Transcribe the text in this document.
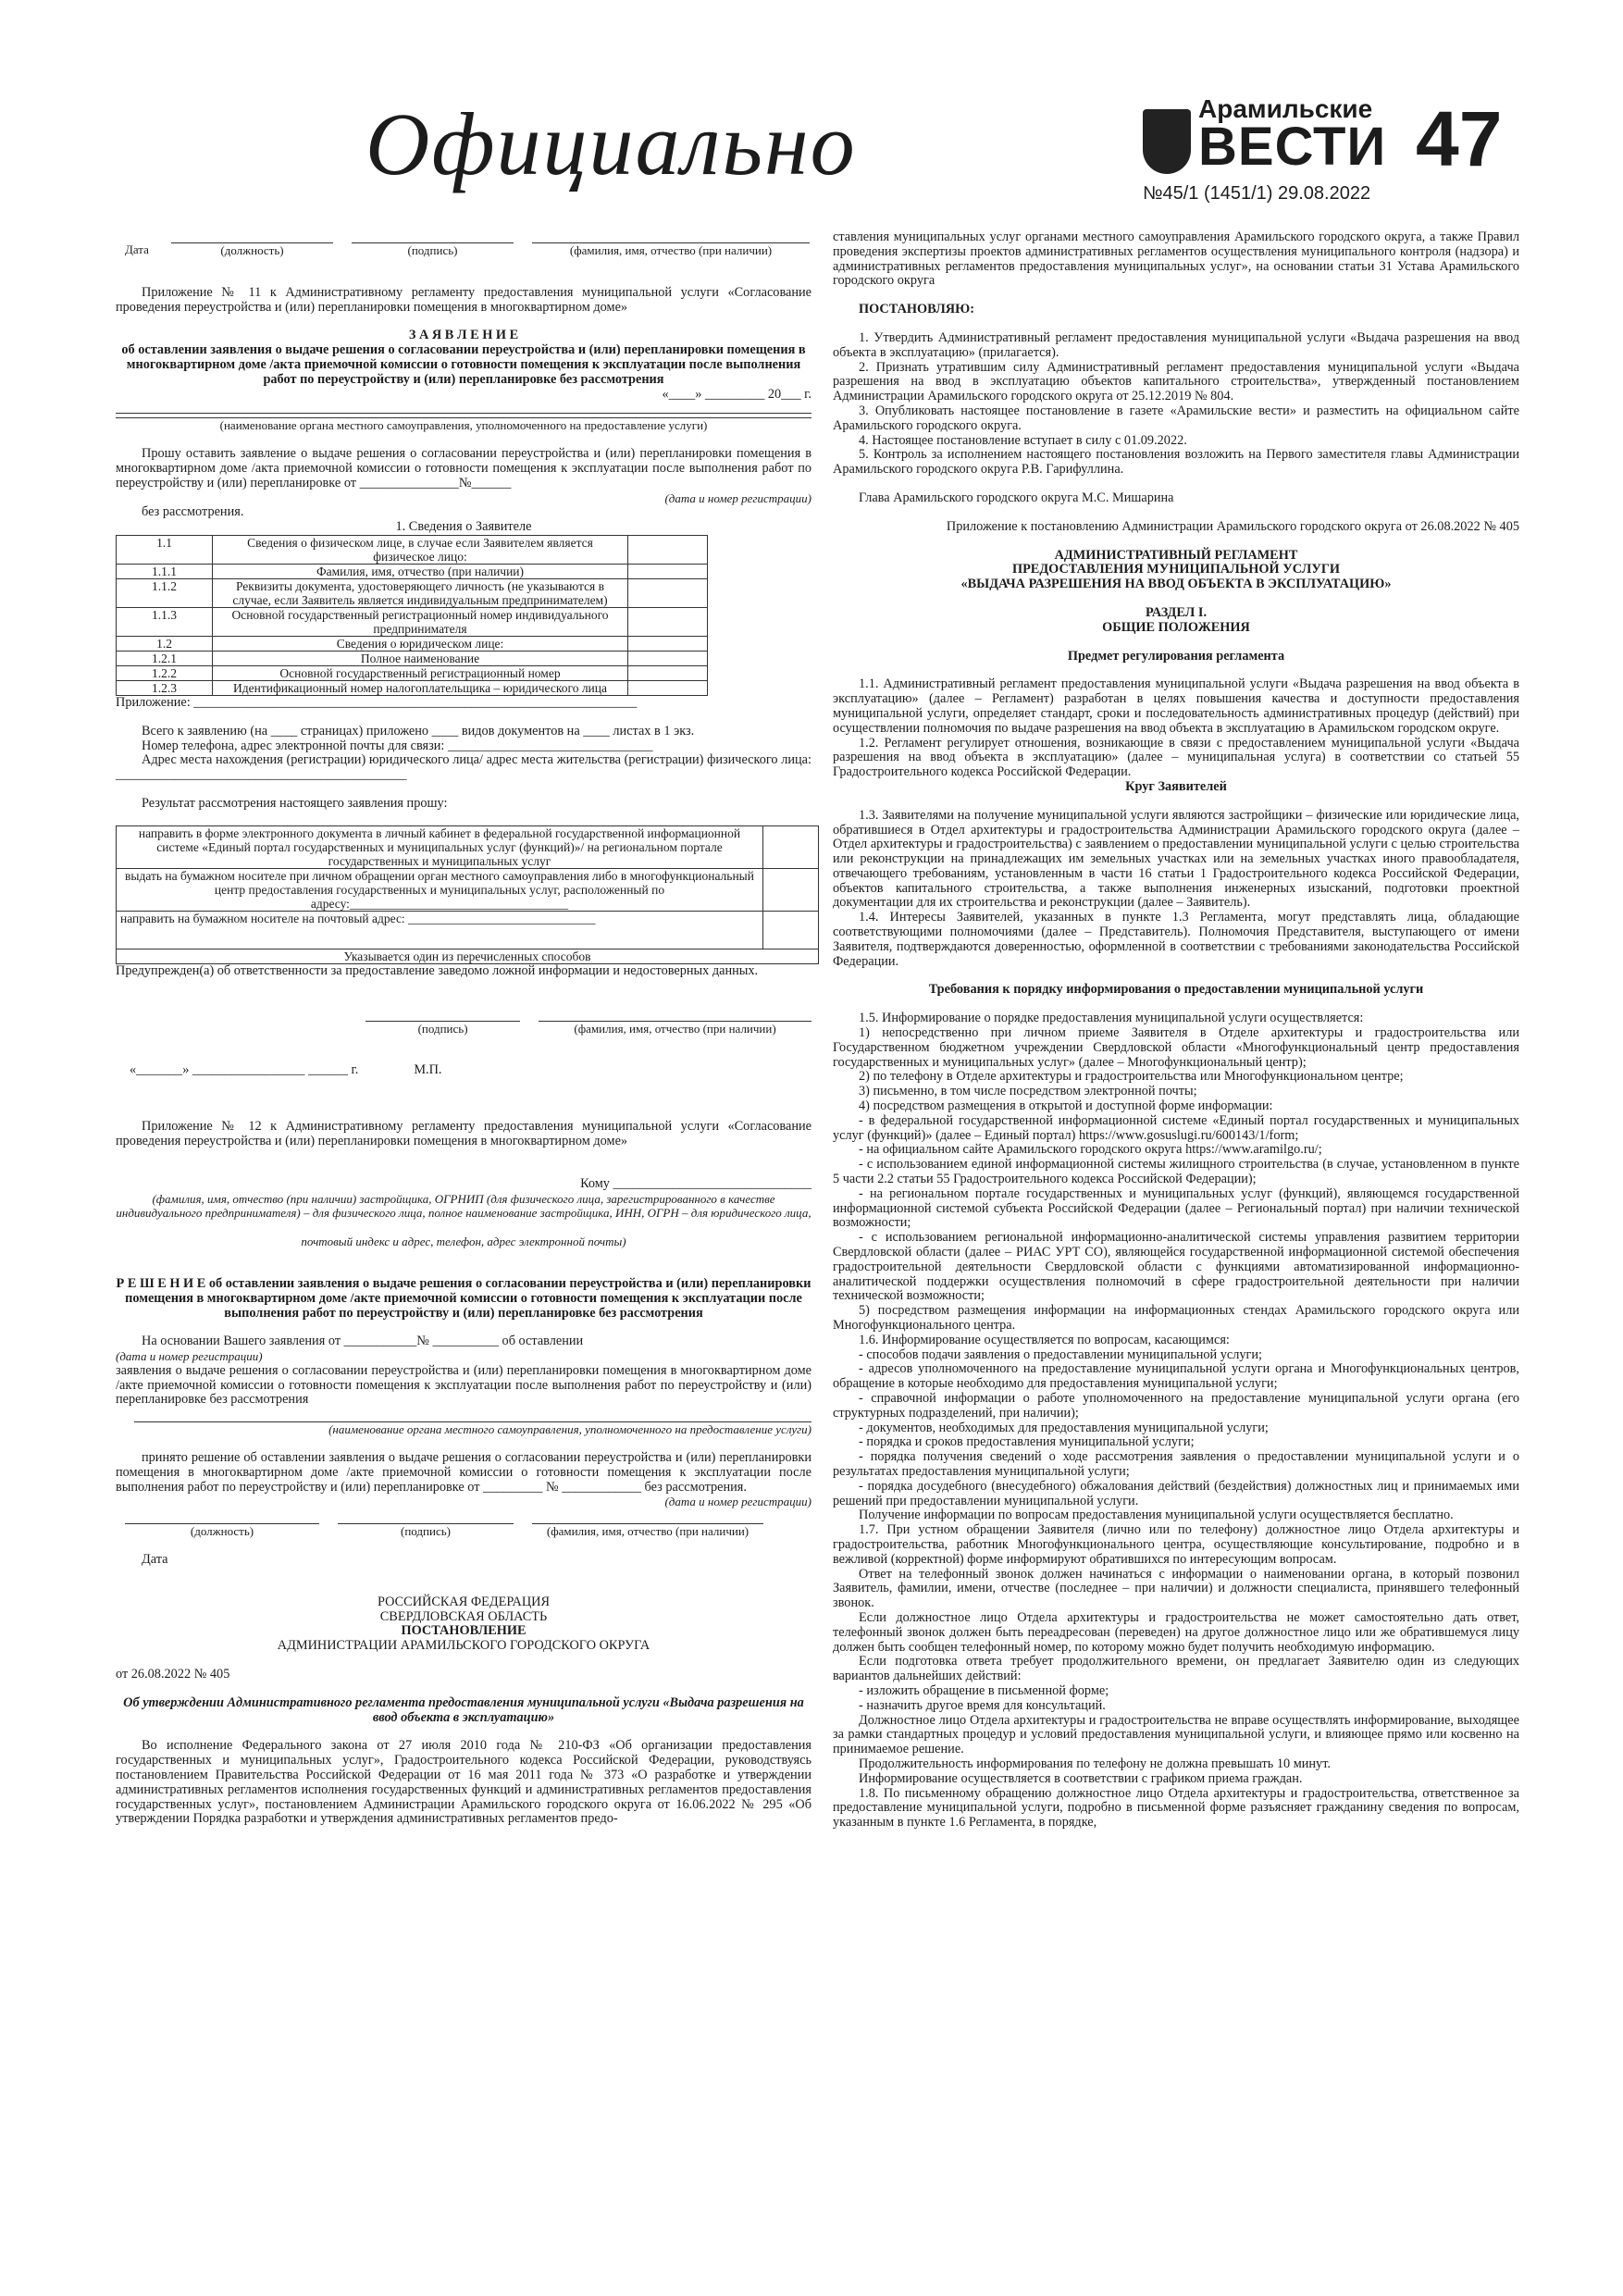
Официально	Арамильские
ВЕСТИ 47
№45/1 (1451/1) 29.08.2022
Дата	(должность)	(подпись)	(фамилия, имя, отчество (при наличии)

Приложение № 11 к Административному регламенту предоставления муниципальной услуги «Согласование проведения переустройства и (или) перепланировки помещения в многоквартирном доме»

З А Я В Л Е Н И Е

об оставлении заявления о выдаче решения о согласовании переустройства и (или) перепланировки помещения в многоквартирном доме /акта приемочной комиссии о готовности помещения к эксплуатации после выполнения работ по переустройству и (или) перепланировке без рассмотрения

«____» _________ 20___ г.

(наименование органа местного самоуправления, уполномоченного на предоставление услуги)

Прошу оставить заявление о выдаче решения о согласовании переустройства и (или) перепланировки помещения в многоквартирном доме /акта приемочной комиссии о готовности помещения к эксплуатации после выполнения работ по переустройству и (или) перепланировке от _______________№______

(дата и номер регистрации)

без рассмотрения.

1. Сведения о Заявителе

1.1	Сведения о физическом лице, в случае если Заявителем является физическое лицо:	
1.1.1	Фамилия, имя, отчество (при наличии)	
1.1.2	Реквизиты документа, удостоверяющего личность (не указываются в случае, если Заявитель является индивидуальным предпринимателем)	
1.1.3	Основной государственный регистрационный номер индивидуального предпринимателя	
1.2	Сведения о юридическом лице:	
1.2.1	Полное наименование	
1.2.2	Основной государственный регистрационный номер	
1.2.3	Идентификационный номер налогоплательщика – юридического лица	

Приложение: ___________________________________________________________________

Всего к заявлению (на ____ страницах) приложено ____ видов документов на ____ листах в 1 экз.

Номер телефона, адрес электронной почты для связи: _______________________________

Адрес места нахождения (регистрации) юридического лица/ адрес места жительства (регистрации) физического лица: ____________________________________________

Результат рассмотрения настоящего заявления прошу:

направить в форме электронного документа в личный кабинет в федеральной государственной информационной системе «Единый портал государственных и муниципальных услуг (функций)»/ на региональном портале государственных и муниципальных услуг	
выдать на бумажном носителе при личном обращении орган местного самоуправления либо в многофункциональный центр предоставления государственных и муниципальных услуг, расположенный по адресу:___________________________________	
направить на бумажном носителе на почтовый адрес: ______________________________	
Указывается один из перечисленных способов	

Предупрежден(а) об ответственности за предоставление заведомо ложной информации и недостоверных данных.

(подпись)	(фамилия, имя, отчество (при наличии)
«_______» _________________ ______ г.	М.П.

Приложение № 12 к Административному регламенту предоставления муниципальной услуги «Согласование проведения переустройства и (или) перепланировки помещения в многоквартирном доме»

Кому ______________________________

(фамилия, имя, отчество (при наличии) застройщика, ОГРНИП (для физического лица, зарегистрированного в качестве индивидуального предпринимателя) – для физического лица, полное наименование застройщика, ИНН, ОГРН – для юридического лица,

почтовый индекс и адрес, телефон, адрес электронной почты)

Р Е Ш Е Н И Е об оставлении заявления о выдаче решения о согласовании переустройства и (или) перепланировки помещения в многоквартирном доме /акте приемочной комиссии о готовности помещения к эксплуатации после выполнения работ по переустройству и (или) перепланировке без рассмотрения

На основании Вашего заявления от ___________№ __________ об оставлении

(дата и номер регистрации)

заявления о выдаче решения о согласовании переустройства и (или) перепланировки помещения в многоквартирном доме /акте приемочной комиссии о готовности помещения к эксплуатации после выполнения работ по переустройству и (или) перепланировке без рассмотрения

(наименование органа местного самоуправления, уполномоченного на предоставление услуги)

принято решение об оставлении заявления о выдаче решения о согласовании переустройства и (или) перепланировки помещения в многоквартирном доме /акте приемочной комиссии о готовности помещения к эксплуатации после выполнения работ по переустройству и (или) перепланировке от _________ № ____________ без рассмотрения.

(дата и номер регистрации)

(должность)	(подпись)	(фамилия, имя, отчество (при наличии)

Дата

РОССИЙСКАЯ ФЕДЕРАЦИЯ

СВЕРДЛОВСКАЯ ОБЛАСТЬ

ПОСТАНОВЛЕНИЕ

АДМИНИСТРАЦИИ АРАМИЛЬСКОГО ГОРОДСКОГО ОКРУГА

от 26.08.2022 № 405

Об утверждении Административного регламента предоставления муниципальной услуги «Выдача разрешения на ввод объекта в эксплуатацию»

Во исполнение Федерального закона от 27 июля 2010 года № 210-ФЗ «Об организации предоставления государственных и муниципальных услуг», Градостроительного кодекса Российской Федерации, руководствуясь постановлением Правительства Российской Федерации от 16 мая 2011 года № 373 «О разработке и утверждении административных регламентов исполнения государственных функций и административных регламентов предоставления государственных услуг», постановлением Администрации Арамильского городского округа от 16.06.2022 № 295 «Об утверждении Порядка разработки и утверждения административных регламентов предо-

ставления муниципальных услуг органами местного самоуправления Арамильского городского округа, а также Правил проведения экспертизы проектов административных регламентов осуществления муниципального контроля (надзора) и административных регламентов предоставления муниципальных услуг», на основании статьи 31 Устава Арамильского городского округа

ПОСТАНОВЛЯЮ:

1. Утвердить Административный регламент предоставления муниципальной услуги «Выдача разрешения на ввод объекта в эксплуатацию» (прилагается).

2. Признать утратившим силу Административный регламент предоставления муниципальной услуги «Выдача разрешения на ввод в эксплуатацию объектов капитального строительства», утвержденный постановлением Администрации Арамильского городского округа от 25.12.2019 № 804.

3. Опубликовать настоящее постановление в газете «Арамильские вести» и разместить на официальном сайте Арамильского городского округа.

4. Настоящее постановление вступает в силу с 01.09.2022.

5. Контроль за исполнением настоящего постановления возложить на Первого заместителя главы Администрации Арамильского городского округа Р.В. Гарифуллина.

Глава Арамильского городского округа М.С. Мишарина

Приложение к постановлению Администрации Арамильского городского округа от 26.08.2022 № 405

АДМИНИСТРАТИВНЫЙ РЕГЛАМЕНТ

ПРЕДОСТАВЛЕНИЯ МУНИЦИПАЛЬНОЙ УСЛУГИ

«ВЫДАЧА РАЗРЕШЕНИЯ НА ВВОД ОБЪЕКТА В ЭКСПЛУАТАЦИЮ»

РАЗДЕЛ I.

ОБЩИЕ ПОЛОЖЕНИЯ

Предмет регулирования регламента

1.1. Административный регламент предоставления муниципальной услуги «Выдача разрешения на ввод объекта в эксплуатацию» (далее – Регламент) разработан в целях повышения качества и доступности предоставления муниципальной услуги, определяет стандарт, сроки и последовательность административных процедур (действий) при осуществлении полномочия по выдаче разрешения на ввод объекта в эксплуатацию в Арамильском городском округе.

1.2. Регламент регулирует отношения, возникающие в связи с предоставлением муниципальной услуги «Выдача разрешения на ввод объекта в эксплуатацию» (далее – муниципальная услуга) в соответствии со статьей 55 Градостроительного кодекса Российской Федерации.

Круг Заявителей

1.3. Заявителями на получение муниципальной услуги являются застройщики – физические или юридические лица, обратившиеся в Отдел архитектуры и градостроительства Администрации Арамильского городского округа (далее – Отдел архитектуры и градостроительства) с заявлением о предоставлении муниципальной услуги с целью строительства или реконструкции на принадлежащих им земельных участках или на земельных участках иного правообладателя, отвечающего требованиям, установленным в части 16 статьи 1 Градостроительного кодекса Российской Федерации, объектов капитального строительства, а также выполнения инженерных изысканий, подготовки проектной документации для их строительства и реконструкции (далее – Заявитель).

1.4. Интересы Заявителей, указанных в пункте 1.3 Регламента, могут представлять лица, обладающие соответствующими полномочиями (далее – Представитель). Полномочия Представителя, выступающего от имени Заявителя, подтверждаются доверенностью, оформленной в соответствии с требованиями законодательства Российской Федерации.

Требования к порядку информирования о предоставлении муниципальной услуги

1.5. Информирование о порядке предоставления муниципальной услуги осуществляется:

1) непосредственно при личном приеме Заявителя в Отделе архитектуры и градостроительства или Государственном бюджетном учреждении Свердловской области «Многофункциональный центр предоставления государственных и муниципальных услуг» (далее – Многофункциональный центр);

2) по телефону в Отделе архитектуры и градостроительства или Многофункциональном центре;

3) письменно, в том числе посредством электронной почты;

4) посредством размещения в открытой и доступной форме информации:

- в федеральной государственной информационной системе «Единый портал государственных и муниципальных услуг (функций)» (далее – Единый портал) https://www.gosuslugi.ru/600143/1/form;

- на официальном сайте Арамильского городского округа https://www.aramilgo.ru/;

- с использованием единой информационной системы жилищного строительства (в случае, установленном в пункте 5 части 2.2 статьи 55 Градостроительного кодекса Российской Федерации);

- на региональном портале государственных и муниципальных услуг (функций), являющемся государственной информационной системой субъекта Российской Федерации (далее – Региональный портал) при наличии технической возможности;

- с использованием региональной информационно-аналитической системы управления развитием территории Свердловской области (далее – РИАС УРТ СО), являющейся государственной информационной системой обеспечения градостроительной деятельности Свердловской области с функциями автоматизированной информационно-аналитической поддержки осуществления полномочий в сфере градостроительной деятельности при наличии технической возможности;

5) посредством размещения информации на информационных стендах Арамильского городского округа или Многофункционального центра.

1.6. Информирование осуществляется по вопросам, касающимся:

- способов подачи заявления о предоставлении муниципальной услуги;

- адресов уполномоченного на предоставление муниципальной услуги органа и Многофункциональных центров, обращение в которые необходимо для предоставления муниципальной услуги;

- справочной информации о работе уполномоченного на предоставление муниципальной услуги органа (его структурных подразделений, при наличии);

- документов, необходимых для предоставления муниципальной услуги;

- порядка и сроков предоставления муниципальной услуги;

- порядка получения сведений о ходе рассмотрения заявления о предоставлении муниципальной услуги и о результатах предоставления муниципальной услуги;

- порядка досудебного (внесудебного) обжалования действий (бездействия) должностных лиц и принимаемых ими решений при предоставлении муниципальной услуги.

Получение информации по вопросам предоставления муниципальной услуги осуществляется бесплатно.

1.7. При устном обращении Заявителя (лично или по телефону) должностное лицо Отдела архитектуры и градостроительства, работник Многофункционального центра, осуществляющие консультирование, подробно и в вежливой (корректной) форме информируют обратившихся по интересующим вопросам.

Ответ на телефонный звонок должен начинаться с информации о наименовании органа, в который позвонил Заявитель, фамилии, имени, отчестве (последнее – при наличии) и должности специалиста, принявшего телефонный звонок.

Если должностное лицо Отдела архитектуры и градостроительства не может самостоятельно дать ответ, телефонный звонок должен быть переадресован (переведен) на другое должностное лицо или же обратившемуся лицу должен быть сообщен телефонный номер, по которому можно будет получить необходимую информацию.

Если подготовка ответа требует продолжительного времени, он предлагает Заявителю один из следующих вариантов дальнейших действий:

- изложить обращение в письменной форме;

- назначить другое время для консультаций.

Должностное лицо Отдела архитектуры и градостроительства не вправе осуществлять информирование, выходящее за рамки стандартных процедур и условий предоставления муниципальной услуги, и влияющее прямо или косвенно на принимаемое решение.

Продолжительность информирования по телефону не должна превышать 10 минут.

Информирование осуществляется в соответствии с графиком приема граждан.

1.8. По письменному обращению должностное лицо Отдела архитектуры и градостроительства, ответственное за предоставление муниципальной услуги, подробно в письменной форме разъясняет гражданину сведения по вопросам, указанным в пункте 1.6 Регламента, в порядке,
